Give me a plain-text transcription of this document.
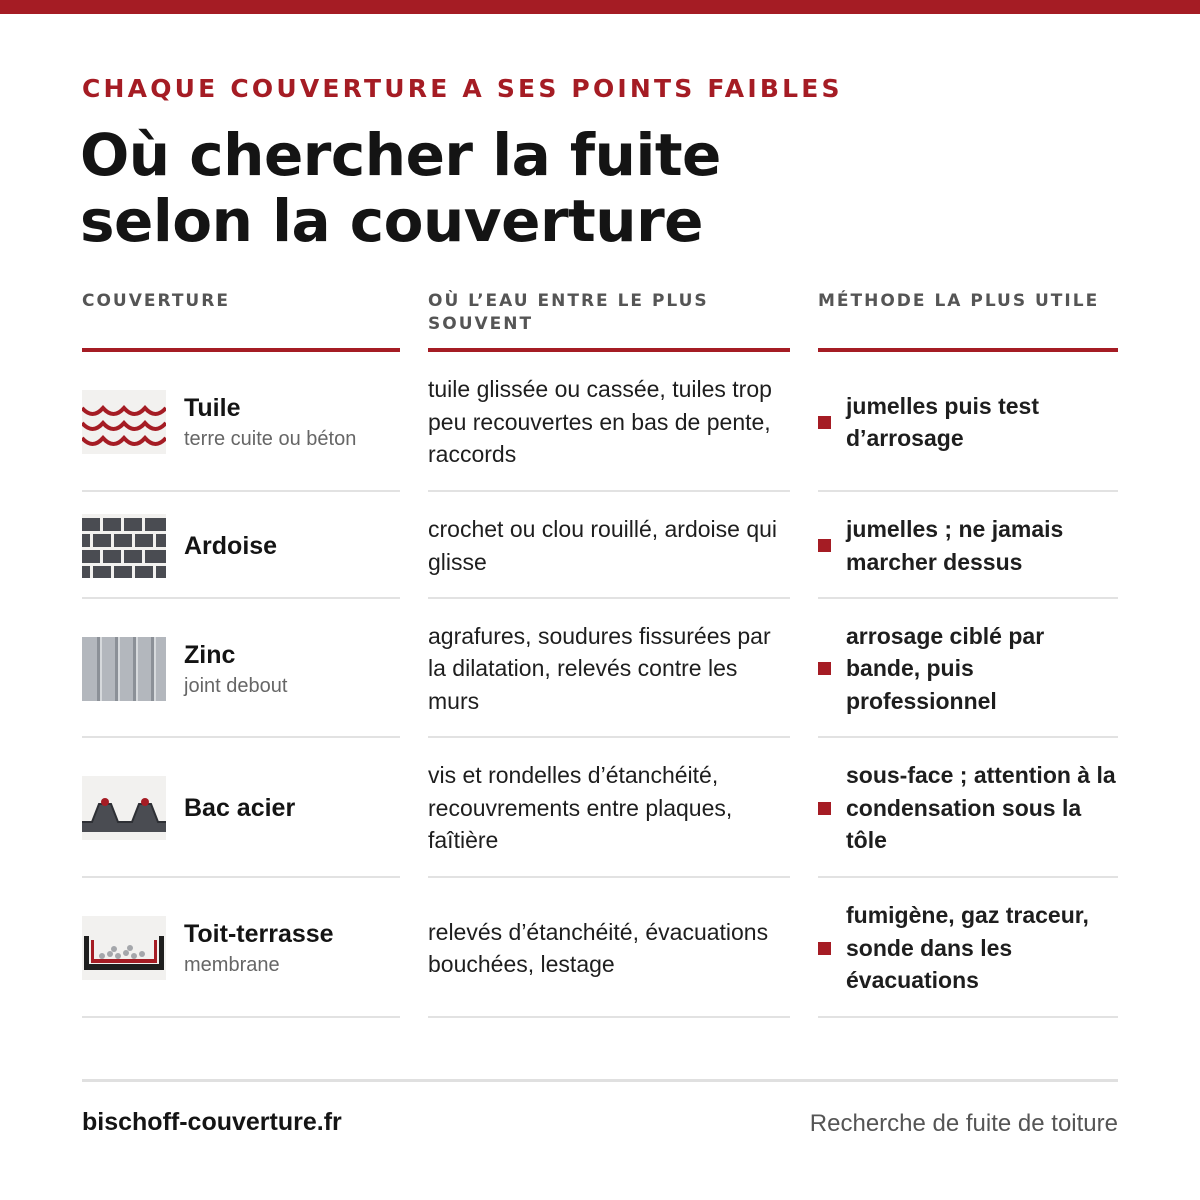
CHAQUE COUVERTURE A SES POINTS FAIBLES
Où chercher la fuite
selon la couverture
COUVERTURE	OÙ L’EAU ENTRE LE PLUS SOUVENT
MÉTHODE LA PLUS UTILE
Tuile
terre cuite ou béton
tuile glissée ou cassée, tuiles trop peu recouvertes en bas de pente, raccords
jumelles puis test d’arrosage
Ardoise
crochet ou clou rouillé, ardoise qui glisse
jumelles ; ne jamais marcher dessus
Zinc
joint debout
agrafures, soudures fissurées par la dilatation, relevés contre les murs
arrosage ciblé par bande, puis professionnel
Bac acier
vis et rondelles d’étanchéité, recouvrements entre plaques, faîtière
sous-face ; attention à la condensation sous la tôle
Toit-terrasse
membrane
relevés d’étanchéité, évacuations bouchées, lestage
fumigène, gaz traceur, sonde dans les évacuations
bischoff-couverture.fr	Recherche de fuite de toiture
